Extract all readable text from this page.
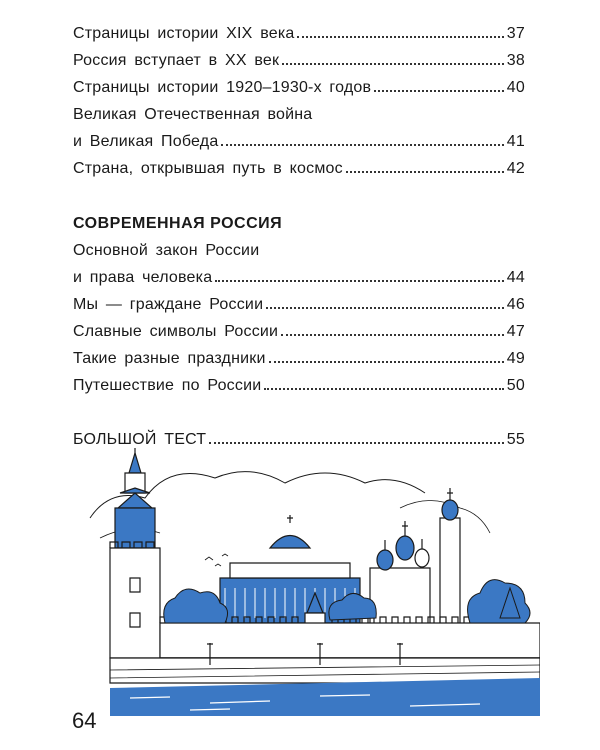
Страницы истории XIX века	37
Россия вступает в XX век	38
Страницы истории 1920–1930-х годов	40
Великая Отечественная война
и Великая Победа	41
Страна, открывшая путь в космос	42
СОВРЕМЕННАЯ РОССИЯ
Основной закон России
и права человека	44
Мы — граждане России	46
Славные символы России	47
Такие разные праздники	49
Путешествие по России	50
БОЛЬШОЙ ТЕСТ	55
64
